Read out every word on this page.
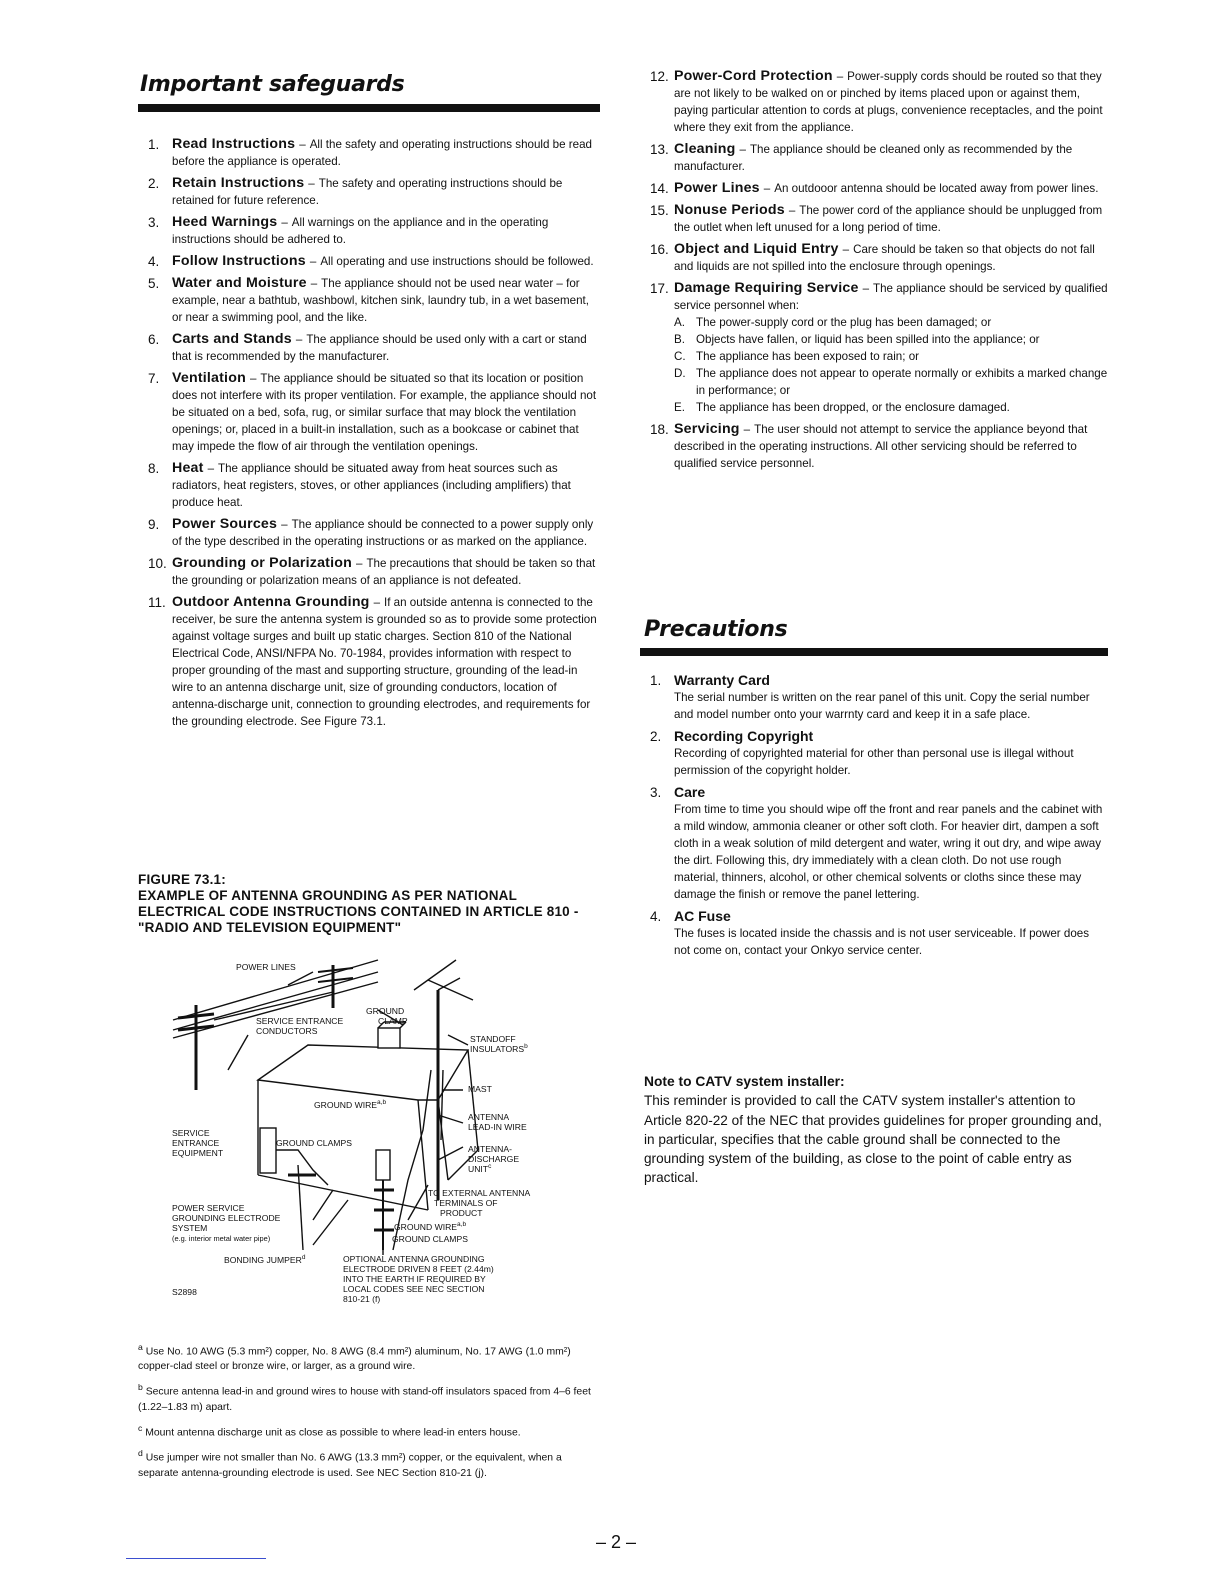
Important safeguards
1. Read Instructions – All the safety and operating instructions should be read before the appliance is operated.
2. Retain Instructions – The safety and operating instructions should be retained for future reference.
3. Heed Warnings – All warnings on the appliance and in the operating instructions should be adhered to.
4. Follow Instructions – All operating and use instructions should be followed.
5. Water and Moisture – The appliance should not be used near water – for example, near a bathtub, washbowl, kitchen sink, laundry tub, in a wet basement, or near a swimming pool, and the like.
6. Carts and Stands – The appliance should be used only with a cart or stand that is recommended by the manufacturer.
7. Ventilation – The appliance should be situated so that its location or position does not interfere with its proper ventilation. For example, the appliance should not be situated on a bed, sofa, rug, or similar surface that may block the ventilation openings; or, placed in a built-in installation, such as a bookcase or cabinet that may impede the flow of air through the ventilation openings.
8. Heat – The appliance should be situated away from heat sources such as radiators, heat registers, stoves, or other appliances (including amplifiers) that produce heat.
9. Power Sources – The appliance should be connected to a power supply only of the type described in the operating instructions or as marked on the appliance.
10. Grounding or Polarization – The precautions that should be taken so that the grounding or polarization means of an appliance is not defeated.
11. Outdoor Antenna Grounding – If an outside antenna is connected to the receiver, be sure the antenna system is grounded so as to provide some protection against voltage surges and built up static charges. Section 810 of the National Electrical Code, ANSI/NFPA No. 70-1984, provides information with respect to proper grounding of the mast and supporting structure, grounding of the lead-in wire to an antenna discharge unit, size of grounding conductors, location of antenna-discharge unit, connection to grounding electrodes, and requirements for the grounding electrode. See Figure 73.1.
FIGURE 73.1:
EXAMPLE OF ANTENNA GROUNDING AS PER NATIONAL ELECTRICAL CODE INSTRUCTIONS CONTAINED IN ARTICLE 810 - "RADIO AND TELEVISION EQUIPMENT"
POWER LINES
GROUND
CLAMP
SERVICE ENTRANCE
CONDUCTORS
STANDOFF
INSULATORS$^b$
MAST
GROUND WIRE$^{a,b}$
ANTENNA
LEAD-IN WIRE
SERVICE
ENTRANCE
EQUIPMENT
GROUND CLAMPS
ANTENNA-
DISCHARGE
UNIT$^c$
TO EXTERNAL ANTENNA
TERMINALS OF
PRODUCT
POWER SERVICE
GROUNDING ELECTRODE
SYSTEM
(e.g. interior metal water pipe)
GROUND WIRE$^{a,b}$
GROUND CLAMPS
BONDING JUMPER$^d$	OPTIONAL ANTENNA GROUNDING
ELECTRODE DRIVEN 8 FEET (2.44m)
INTO THE EARTH IF REQUIRED BY
LOCAL CODES SEE NEC SECTION
810-21 (f)
S2898

$^a$ Use No. 10 AWG (5.3 mm²) copper, No. 8 AWG (8.4 mm²) aluminum, No. 17 AWG (1.0 mm²) copper-clad steel or bronze wire, or larger, as a ground wire.

$^b$ Secure antenna lead-in and ground wires to house with stand-off insulators spaced from 4–6 feet (1.22–1.83 m) apart.

$^c$ Mount antenna discharge unit as close as possible to where lead-in enters house.

$^d$ Use jumper wire not smaller than No. 6 AWG (13.3 mm²) copper, or the equivalent, when a separate antenna-grounding electrode is used. See NEC Section 810-21 (j).

12. Power-Cord Protection – Power-supply cords should be routed so that they are not likely to be walked on or pinched by items placed upon or against them, paying particular attention to cords at plugs, convenience receptacles, and the point where they exit from the appliance.
13. Cleaning – The appliance should be cleaned only as recommended by the manufacturer.
14. Power Lines – An outdooor antenna should be located away from power lines.
15. Nonuse Periods – The power cord of the appliance should be unplugged from the outlet when left unused for a long period of time.
16. Object and Liquid Entry – Care should be taken so that objects do not fall and liquids are not spilled into the enclosure through openings.
17. Damage Requiring Service – The appliance should be serviced by qualified service personnel when:
A. The power-supply cord or the plug has been damaged; or
B. Objects have fallen, or liquid has been spilled into the appliance; or
C. The appliance has been exposed to rain; or
D. The appliance does not appear to operate normally or exhibits a marked change in performance; or
E. The appliance has been dropped, or the enclosure damaged.
18. Servicing – The user should not attempt to service the appliance beyond that described in the operating instructions. All other servicing should be referred to qualified service personnel.
Precautions
1. Warranty Card
The serial number is written on the rear panel of this unit. Copy the serial number and model number onto your warrnty card and keep it in a safe place.
2. Recording Copyright
Recording of copyrighted material for other than personal use is illegal without permission of the copyright holder.
3. Care
From time to time you should wipe off the front and rear panels and the cabinet with a mild window, ammonia cleaner or other soft cloth. For heavier dirt, dampen a soft cloth in a weak solution of mild detergent and water, wring it out dry, and wipe away the dirt. Following this, dry immediately with a clean cloth. Do not use rough material, thinners, alcohol, or other chemical solvents or cloths since these may damage the finish or remove the panel lettering.
4. AC Fuse
The fuses is located inside the chassis and is not user serviceable. If power does not come on, contact your Onkyo service center.
Note to CATV system installer:
This reminder is provided to call the CATV system installer's attention to Article 820-22 of the NEC that provides guidelines for proper grounding and, in particular, specifies that the cable ground shall be connected to the grounding system of the building, as close to the point of cable entry as practical.
– 2 –
